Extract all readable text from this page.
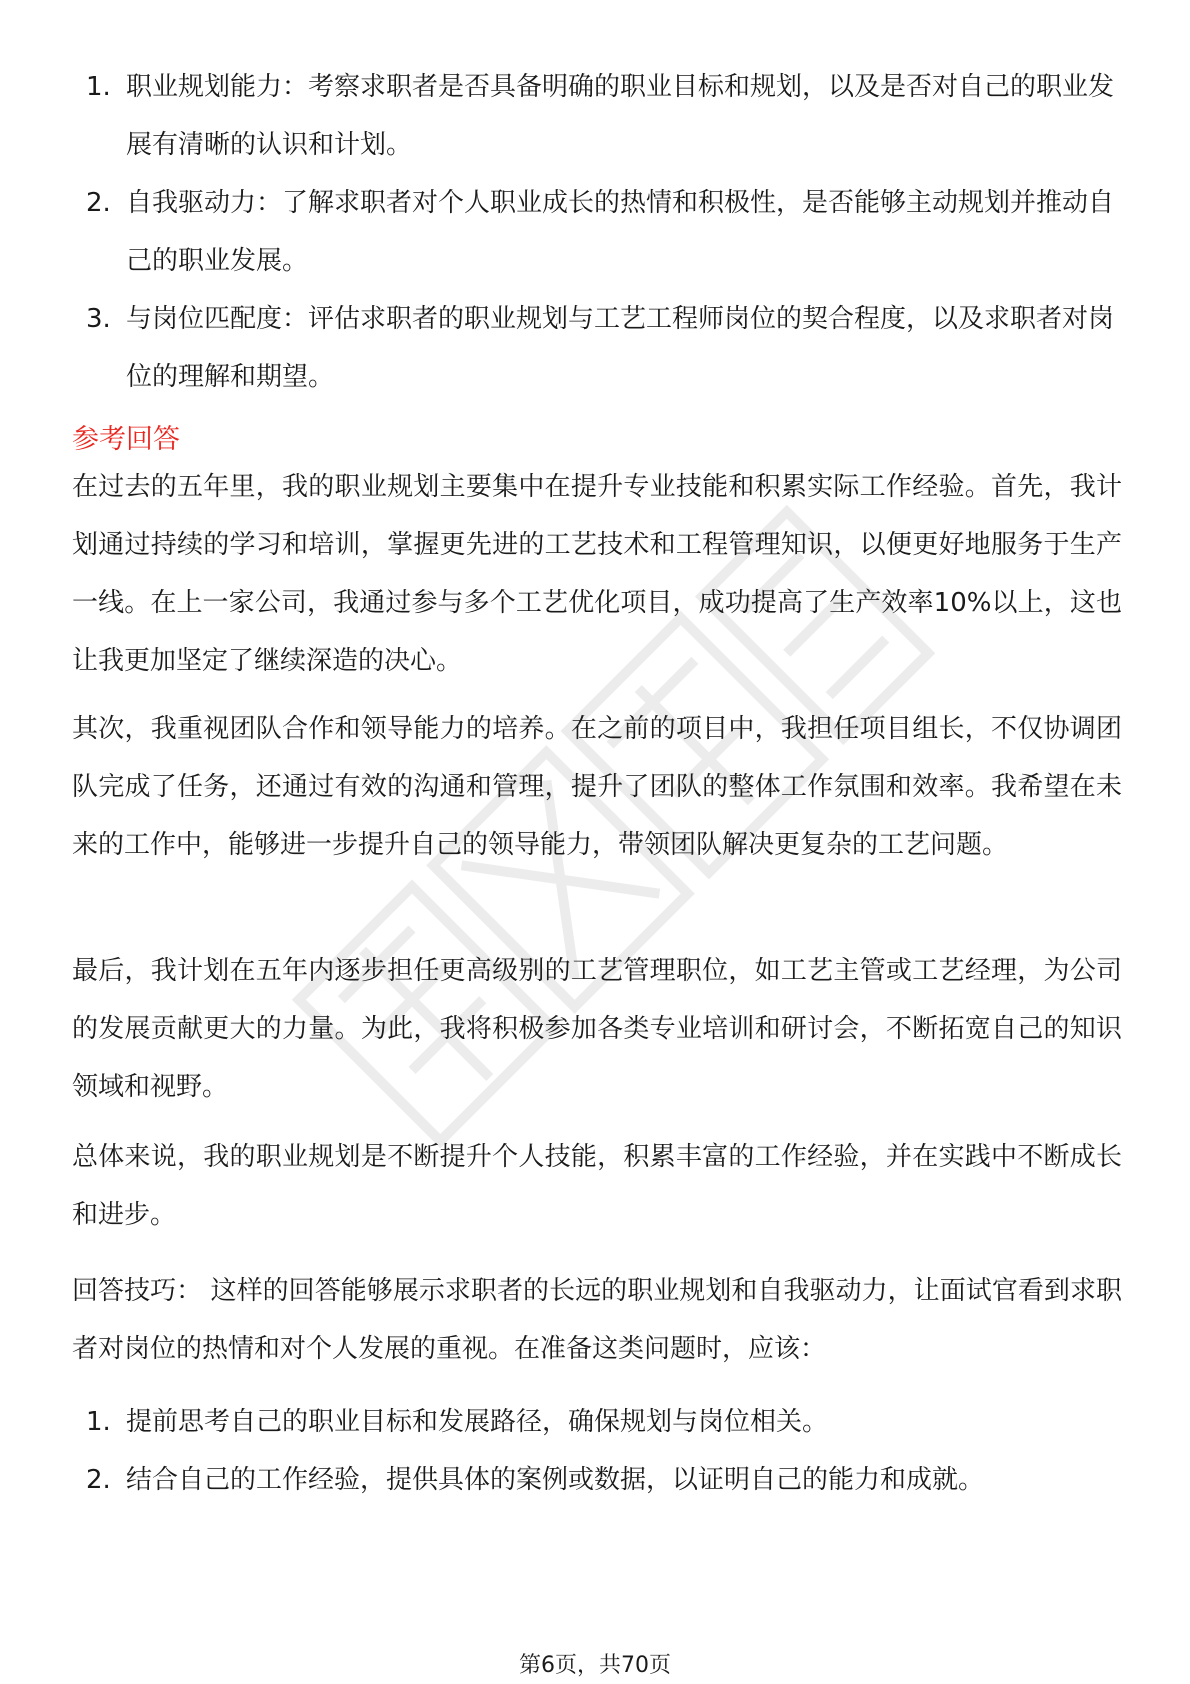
1. 职业规划能力：考察求职者是否具备明确的职业目标和规划，以及是否对自己的职业发展有清晰的认识和计划。
2. 自我驱动力：了解求职者对个人职业成长的热情和积极性，是否能够主动规划并推动自己的职业发展。
3. 与岗位匹配度：评估求职者的职业规划与工艺工程师岗位的契合程度，以及求职者对岗位的理解和期望。
参考回答

在过去的五年里，我的职业规划主要集中在提升专业技能和积累实际工作经验。首先，我计划通过持续的学习和培训，掌握更先进的工艺技术和工程管理知识，以便更好地服务于生产一线。在上一家公司，我通过参与多个工艺优化项目，成功提高了生产效率10%以上，这也让我更加坚定了继续深造的决心。

其次，我重视团队合作和领导能力的培养。在之前的项目中，我担任项目组长，不仅协调团队完成了任务，还通过有效的沟通和管理，提升了团队的整体工作氛围和效率。我希望在未来的工作中，能够进一步提升自己的领导能力，带领团队解决更复杂的工艺问题。

最后，我计划在五年内逐步担任更高级别的工艺管理职位，如工艺主管或工艺经理，为公司的发展贡献更大的力量。为此，我将积极参加各类专业培训和研讨会，不断拓宽自己的知识领域和视野。

总体来说，我的职业规划是不断提升个人技能，积累丰富的工作经验，并在实践中不断成长和进步。

回答技巧： 这样的回答能够展示求职者的长远的职业规划和自我驱动力，让面试官看到求职者对岗位的热情和对个人发展的重视。在准备这类问题时，应该：

1. 提前思考自己的职业目标和发展路径，确保规划与岗位相关。
2. 结合自己的工作经验，提供具体的案例或数据，以证明自己的能力和成就。
第6页，共70页
